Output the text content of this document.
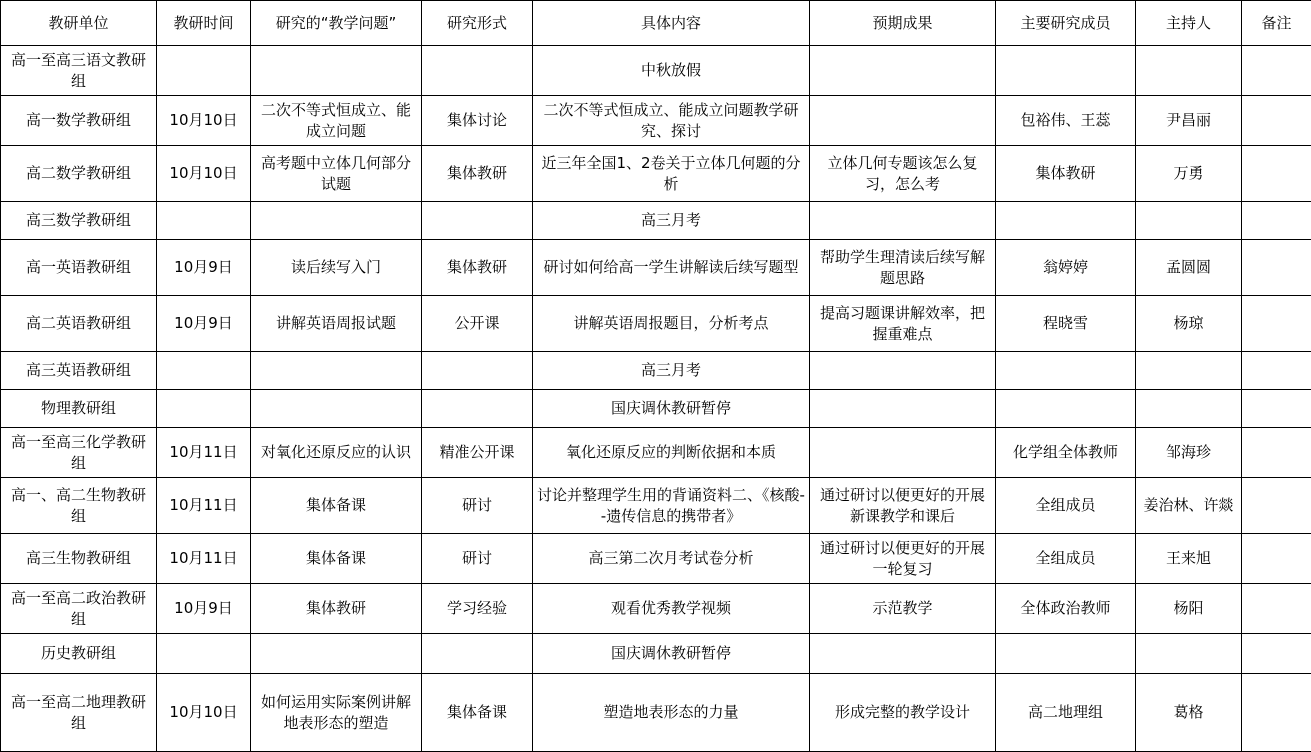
教研单位	教研时间	研究的“教学问题”	研究形式	具体内容	预期成果	主要研究成员	主持人	备注
高一至高三语文教研组				中秋放假				
高一数学教研组	10月10日	二次不等式恒成立、能成立问题	集体讨论	二次不等式恒成立、能成立问题教学研究、探讨		包裕伟、王蕊	尹昌丽	
高二数学教研组	10月10日	高考题中立体几何部分试题	集体教研	近三年全国1、2卷关于立体几何题的分析	立体几何专题该怎么复习，怎么考	集体教研	万勇	
高三数学教研组				高三月考				
高一英语教研组	10月9日	读后续写入门	集体教研	研讨如何给高一学生讲解读后续写题型	帮助学生理清读后续写解题思路	翁婷婷	孟圆圆	
高二英语教研组	10月9日	讲解英语周报试题	公开课	讲解英语周报题目，分析考点	提高习题课讲解效率，把握重难点	程晓雪	杨琼	
高三英语教研组				高三月考				
物理教研组				国庆调休教研暂停				
高一至高三化学教研组	10月11日	对氧化还原反应的认识	精准公开课	氧化还原反应的判断依据和本质		化学组全体教师	邹海珍	
高一、高二生物教研组	10月11日	集体备课	研讨	讨论并整理学生用的背诵资料二、《核酸--遗传信息的携带者》	通过研讨以便更好的开展新课教学和课后	全组成员	姜治林、许燚	
高三生物教研组	10月11日	集体备课	研讨	高三第二次月考试卷分析	通过研讨以便更好的开展一轮复习	全组成员	王来旭	
高一至高二政治教研组	10月9日	集体教研	学习经验	观看优秀教学视频	示范教学	全体政治教师	杨阳	
历史教研组				国庆调休教研暂停				
高一至高二地理教研组	10月10日	如何运用实际案例讲解地表形态的塑造	集体备课	塑造地表形态的力量	形成完整的教学设计	高二地理组	葛格	
